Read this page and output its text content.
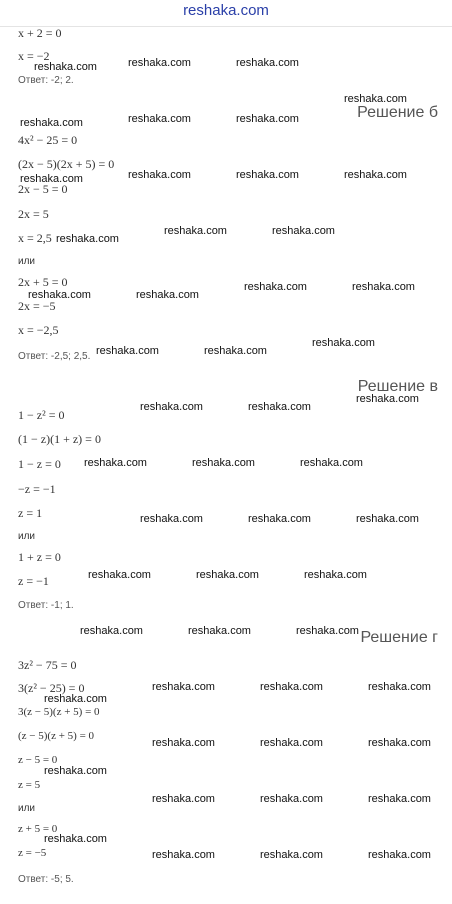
reshaka.com
x + 2 = 0
x = −2
Ответ: -2; 2.
Решение б
4x² − 25 = 0
(2x − 5)(2x + 5) = 0
2x − 5 = 0
2x = 5
x = 2,5
или
2x + 5 = 0
2x = −5
x = −2,5
Ответ: -2,5; 2,5.
Решение в
1 − z² = 0
(1 − z)(1 + z) = 0
1 − z = 0
−z = −1
z = 1
или
1 + z = 0
z = −1
Ответ: -1; 1.
Решение г
3z² − 75 = 0
3(z² − 25) = 0
3(z − 5)(z + 5) = 0
(z − 5)(z + 5) = 0
z − 5 = 0
z = 5
или
z + 5 = 0
z = −5
Ответ: -5; 5.
reshaka.com	reshaka.com	reshaka.com
reshaka.com
reshaka.com	reshaka.com	reshaka.com
reshaka.com	reshaka.com	reshaka.com	reshaka.com
reshaka.com
reshaka.com	reshaka.com
reshaka.com	reshaka.com
reshaka.com	reshaka.com
reshaka.com	reshaka.com
reshaka.com
reshaka.com
reshaka.com	reshaka.com
reshaka.com	reshaka.com	reshaka.com
reshaka.com	reshaka.com	reshaka.com
reshaka.com	reshaka.com	reshaka.com
reshaka.com	reshaka.com	reshaka.com
reshaka.com
reshaka.com	reshaka.com	reshaka.com
reshaka.com	reshaka.com	reshaka.com
reshaka.com
reshaka.com	reshaka.com	reshaka.com
reshaka.com
reshaka.com	reshaka.com	reshaka.com
